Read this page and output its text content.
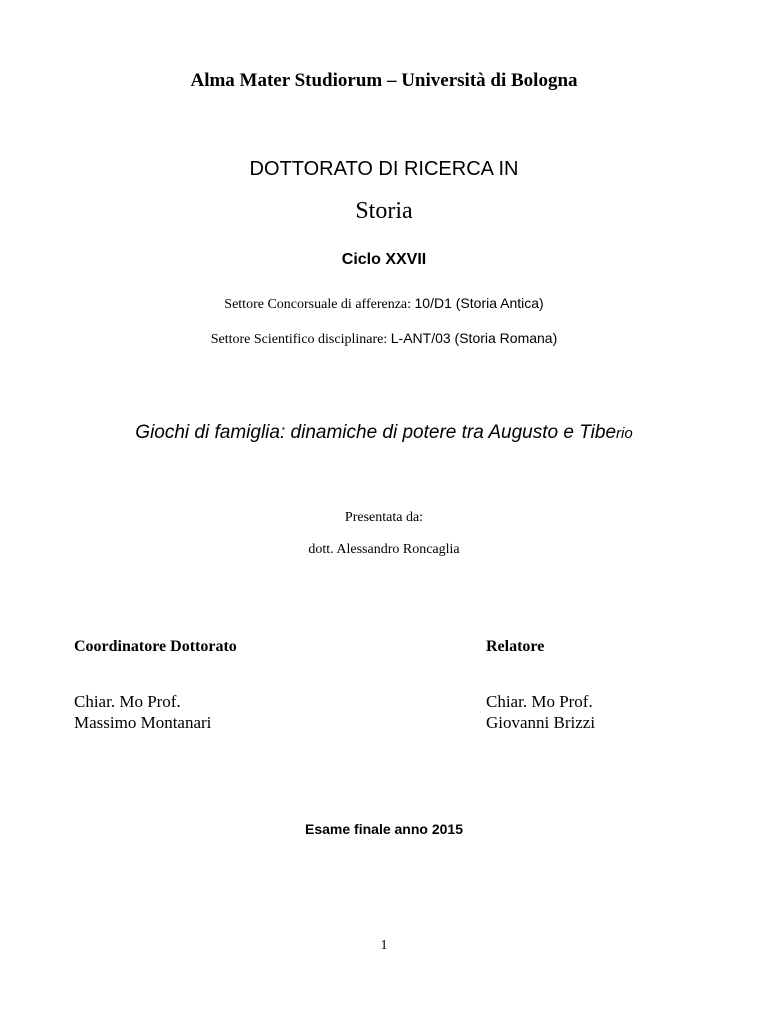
Alma Mater Studiorum – Università di Bologna
DOTTORATO DI RICERCA IN
Storia
Ciclo XXVII
Settore Concorsuale di afferenza: 10/D1 (Storia Antica)
Settore Scientifico disciplinare: L-ANT/03 (Storia Romana)
Giochi di famiglia: dinamiche di potere tra Augusto e Tiberio
Presentata da:
dott. Alessandro Roncaglia
Coordinatore Dottorato
Chiar. Mo Prof.
Massimo Montanari
Relatore
Chiar. Mo Prof.
Giovanni Brizzi
Esame finale anno 2015
1
